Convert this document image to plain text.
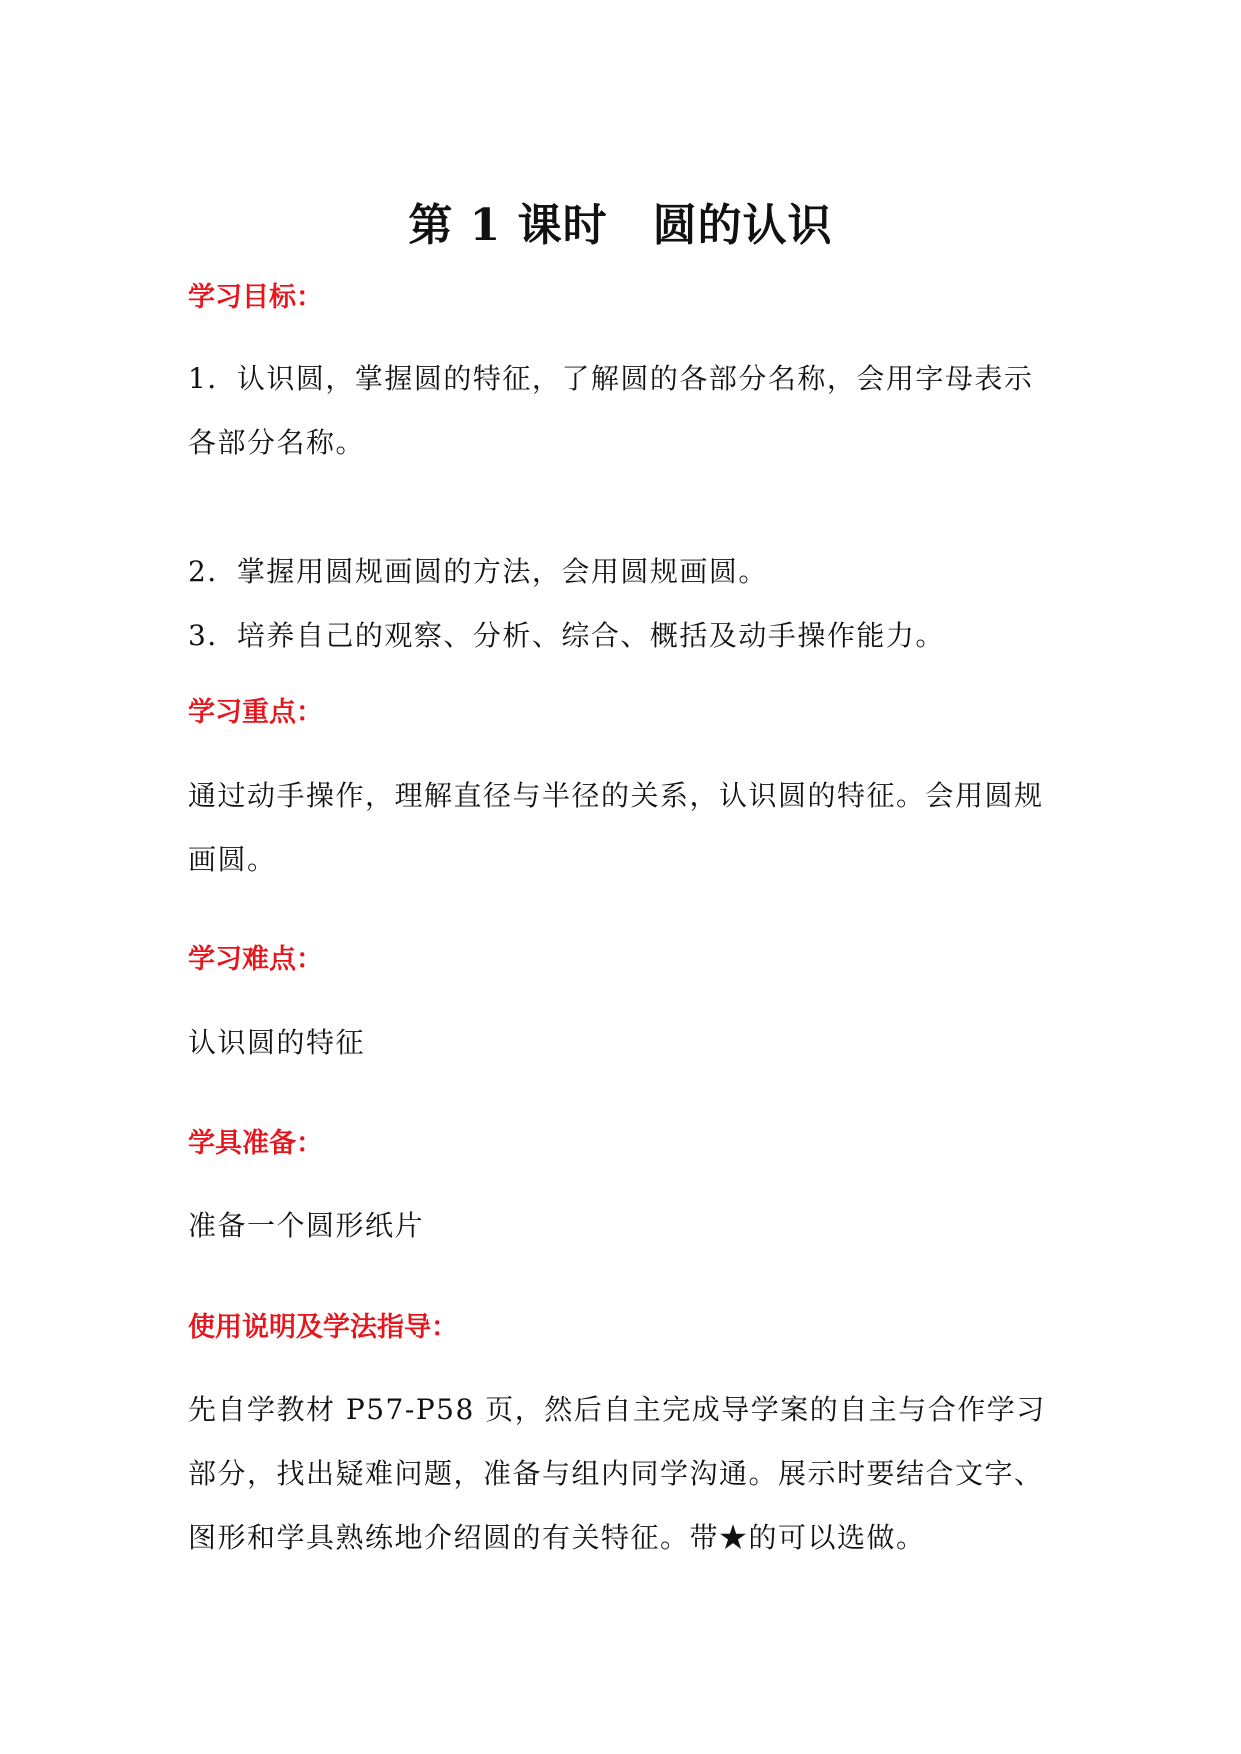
第 1 课时　圆的认识
学习目标：

1．认识圆，掌握圆的特征，了解圆的各部分名称，会用字母表示各部分名称。

2．掌握用圆规画圆的方法，会用圆规画圆。

3．培养自己的观察、分析、综合、概括及动手操作能力。

学习重点：

通过动手操作，理解直径与半径的关系，认识圆的特征。会用圆规画圆。

学习难点：

认识圆的特征

学具准备：

准备一个圆形纸片

使用说明及学法指导：

先自学教材 P57-P58 页，然后自主完成导学案的自主与合作学习部分，找出疑难问题，准备与组内同学沟通。展示时要结合文字、图形和学具熟练地介绍圆的有关特征。带★的可以选做。
